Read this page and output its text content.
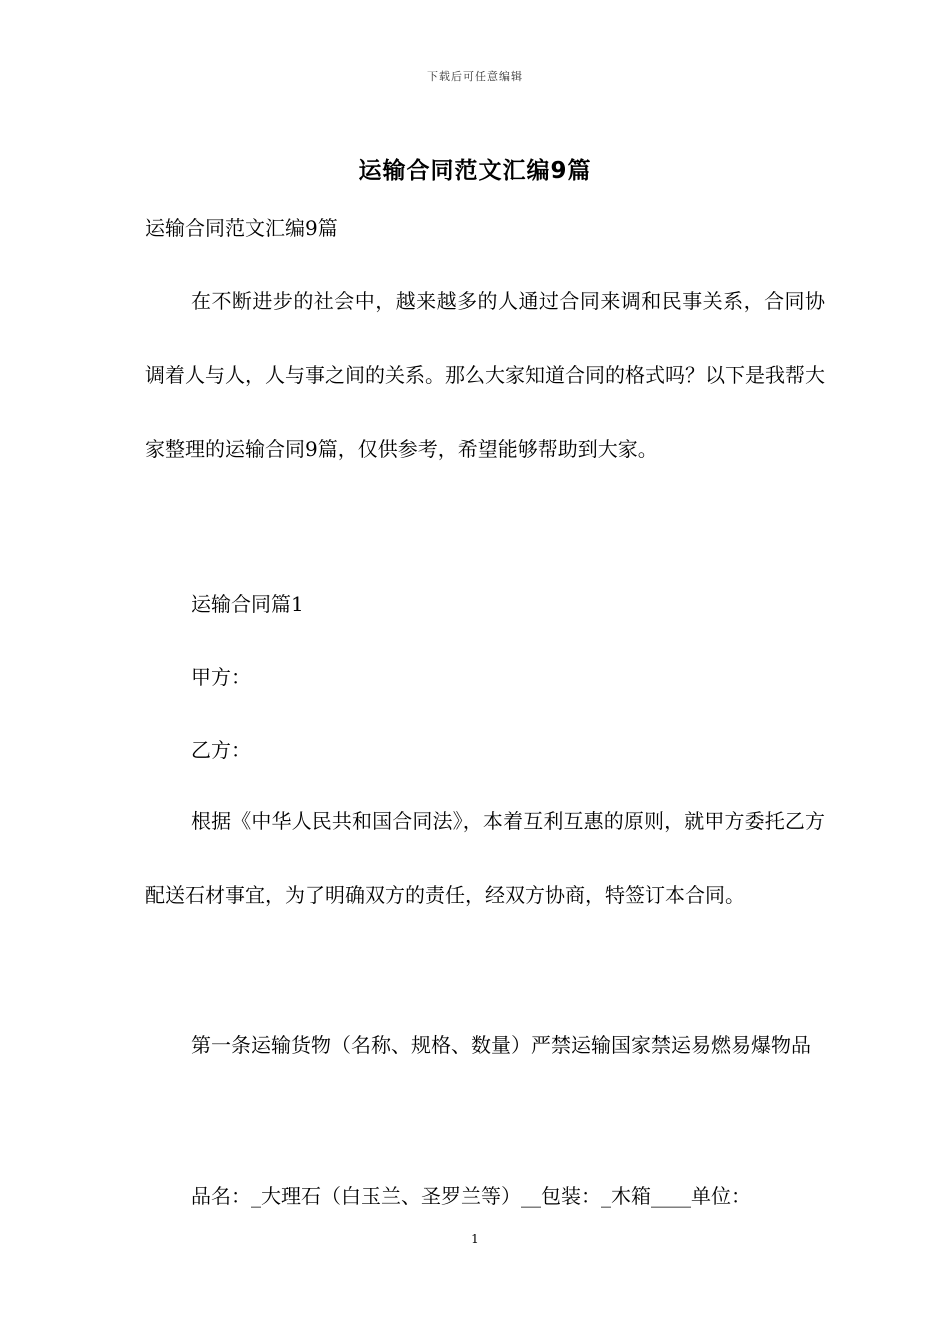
下载后可任意编辑
运输合同范文汇编9篇
运输合同范文汇编9篇
在不断进步的社会中，越来越多的人通过合同来调和民事关系，合同协调着人与人，人与事之间的关系。那么大家知道合同的格式吗？以下是我帮大家整理的运输合同9篇，仅供参考，希望能够帮助到大家。
运输合同篇1
甲方：
乙方：
根据《中华人民共和国合同法》，本着互利互惠的原则，就甲方委托乙方配送石材事宜，为了明确双方的责任，经双方协商，特签订本合同。
第一条运输货物（名称、规格、数量）严禁运输国家禁运易燃易爆物品
品名：_大理石（白玉兰、圣罗兰等）__包装：_木箱____单位：
1
